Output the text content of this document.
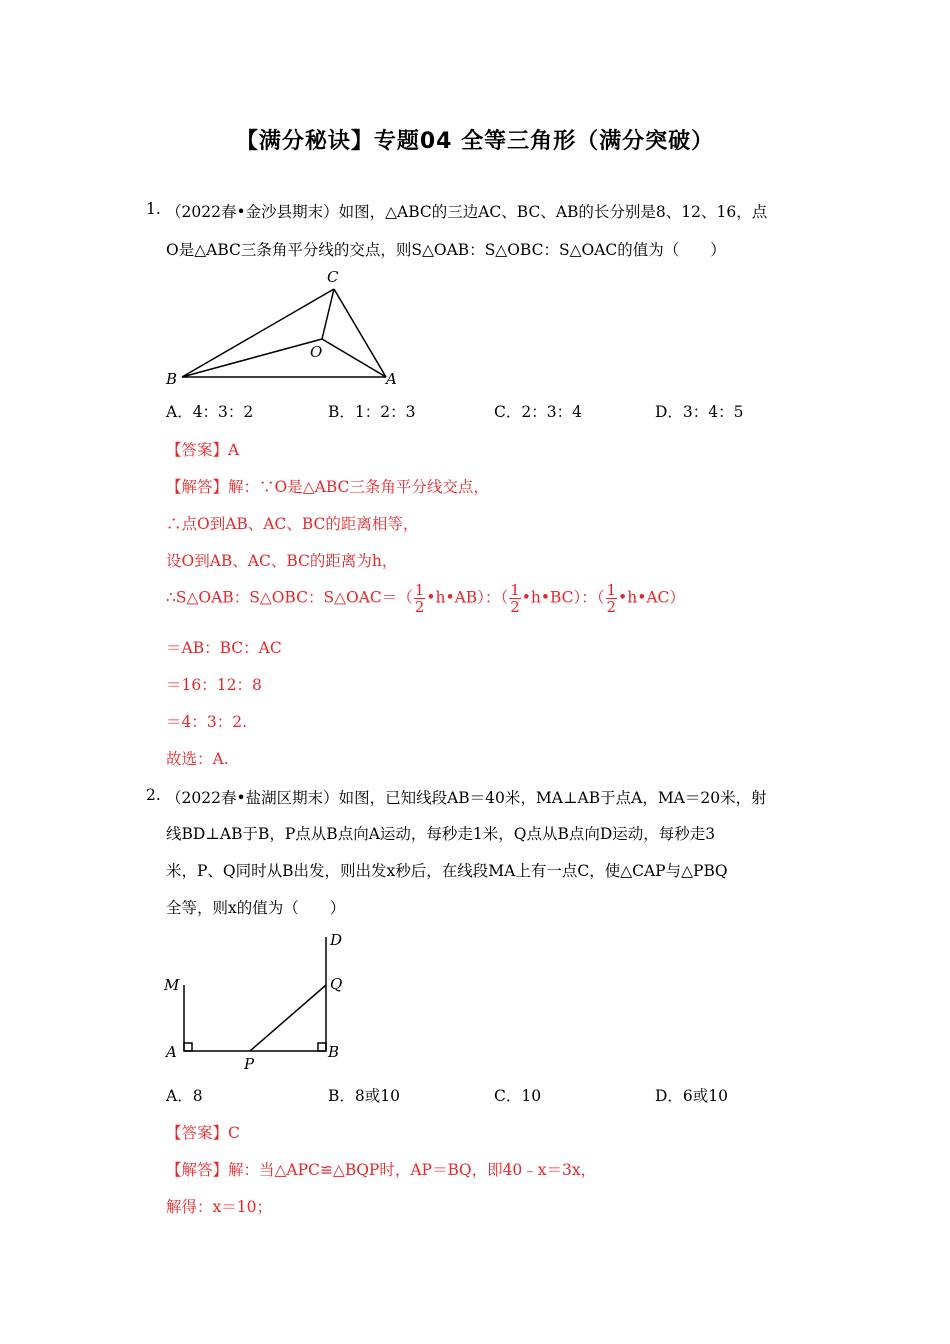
【满分秘诀】专题04 全等三角形（满分突破）
1. （2022春•金沙县期末）如图，△ABC的三边AC、BC、AB的长分别是8、12、16，点
O是△ABC三条角平分线的交点，则S△OAB：S△OBC：S△OAC的值为（　　）
C
O
B	A
A．4：3：2	B．1：2：3	C．2：3：4	D．3：4：5
【答案】A
【解答】解：∵O是△ABC三条角平分线交点，
∴点O到AB、AC、BC的距离相等，
设O到AB、AC、BC的距离为h，
∴S△OAB：S△OBC：S△OAC＝（ $\frac{1}{2}$ •h•AB）：（ $\frac{1}{2}$ •h•BC）：（ $\frac{1}{2}$ •h•AC）
＝AB：BC：AC
＝16：12：8
＝4：3：2.
故选：A.
2. （2022春•盐湖区期末）如图，已知线段AB＝40米，MA⊥AB于点A，MA＝20米，射
线BD⊥AB于B，P点从B点向A运动，每秒走1米，Q点从B点向D运动，每秒走3
米，P、Q同时从B出发，则出发x秒后，在线段MA上有一点C，使△CAP与△PBQ
全等，则x的值为（　　）
D
M	Q
A
P
B
A．8	B．8或10	C．10	D．6或10
【答案】C
【解答】解：当△APC≌△BQP时，AP＝BQ，即40﹣x＝3x，
解得：x＝10；
